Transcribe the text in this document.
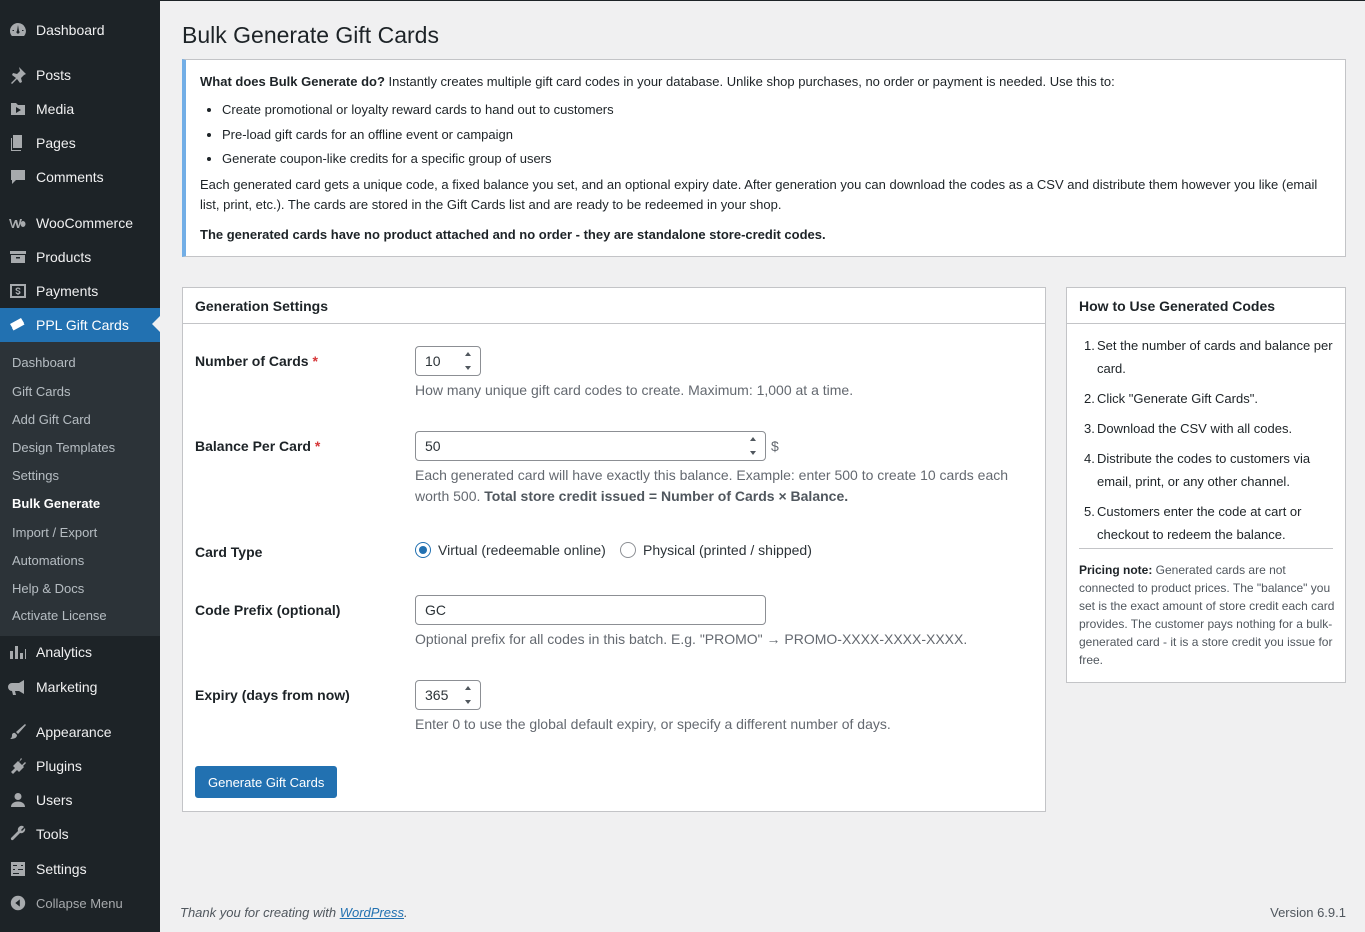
Dashboard
Posts
Media
Pages
Comments
WooCommerce
Products
Payments
PPL Gift Cards
Dashboard
Gift Cards
Add Gift Card
Design Templates
Settings
Bulk Generate
Import / Export
Automations
Help & Docs
Activate License
Analytics
Marketing
Appearance
Plugins
Users
Tools
Settings
Collapse Menu
Bulk Generate Gift Cards

What does Bulk Generate do? Instantly creates multiple gift card codes in your database. Unlike shop purchases, no order or payment is needed. Use this to:

• Create promotional or loyalty reward cards to hand out to customers
• Pre-load gift cards for an offline event or campaign
• Generate coupon-like credits for a specific group of users

Each generated card gets a unique code, a fixed balance you set, and an optional expiry date. After generation you can download the codes as a CSV and distribute them however you like (email list, print, etc.). The cards are stored in the Gift Cards list and are ready to be redeemed in your shop.

The generated cards have no product attached and no order - they are standalone store-credit codes.

Generation Settings
Number of Cards *	10
How many unique gift card codes to create. Maximum: 1,000 at a time.
Balance Per Card *	50	$
Each generated card will have exactly this balance. Example: enter 500 to create 10 cards each worth 500. Total store credit issued = Number of Cards × Balance.
Card Type	Virtual (redeemable online)	Physical (printed / shipped)
Code Prefix (optional)	GC
Optional prefix for all codes in this batch. E.g. "PROMO" → PROMO-XXXX-XXXX-XXXX.
Expiry (days from now)	365
Enter 0 to use the global default expiry, or specify a different number of days.
Generate Gift Cards
How to Use Generated Codes
1. Set the number of cards and balance per card.
2. Click "Generate Gift Cards".
3. Download the CSV with all codes.
4. Distribute the codes to customers via email, print, or any other channel.
5. Customers enter the code at cart or checkout to redeem the balance.
Pricing note: Generated cards are not connected to product prices. The "balance" you set is the exact amount of store credit each card provides. The customer pays nothing for a bulk-generated card - it is a store credit you issue for free.
Thank you for creating with WordPress.	Version 6.9.1
